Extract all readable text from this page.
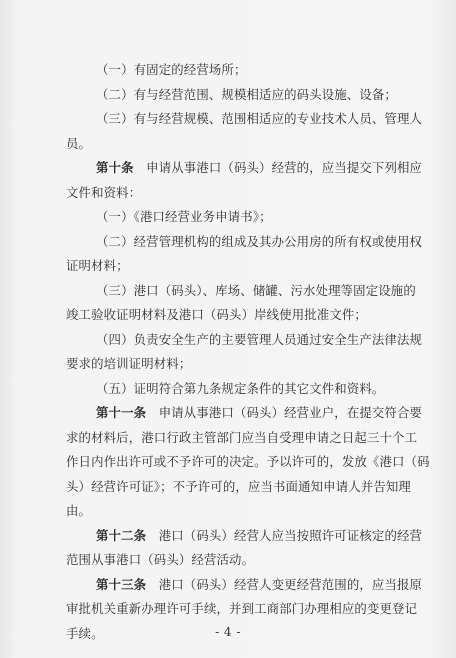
（一）有固定的经营场所；

（二）有与经营范围、规模相适应的码头设施、设备；

（三）有与经营规模、范围相适应的专业技术人员、管理人

员。

第十条　 申请从事港口（码头）经营的，应当提交下列相应

文件和资料：

（一）《港口经营业务申请书》；

（二）经营管理机构的组成及其办公用房的所有权或使用权

证明材料；

（三）港口（码头）、库场、储罐、污水处理等固定设施的

竣工验收证明材料及港口（码头）岸线使用批准文件；

（四）负责安全生产的主要管理人员通过安全生产法律法规

要求的培训证明材料；

（五）证明符合第九条规定条件的其它文件和资料。

第十一条　 申请从事港口（码头）经营业户，在提交符合要

求的材料后，港口行政主管部门应当自受理申请之日起三十个工

作日内作出许可或不予许可的决定。予以许可的，发放《港口（码

头）经营许可证》；不予许可的，应当书面通知申请人并告知理

由。

第十二条　 港口（码头）经营人应当按照许可证核定的经营

范围从事港口（码头）经营活动。

第十三条　 港口（码头）经营人变更经营范围的，应当报原

审批机关重新办理许可手续，并到工商部门办理相应的变更登记

手续。	- 4 -
